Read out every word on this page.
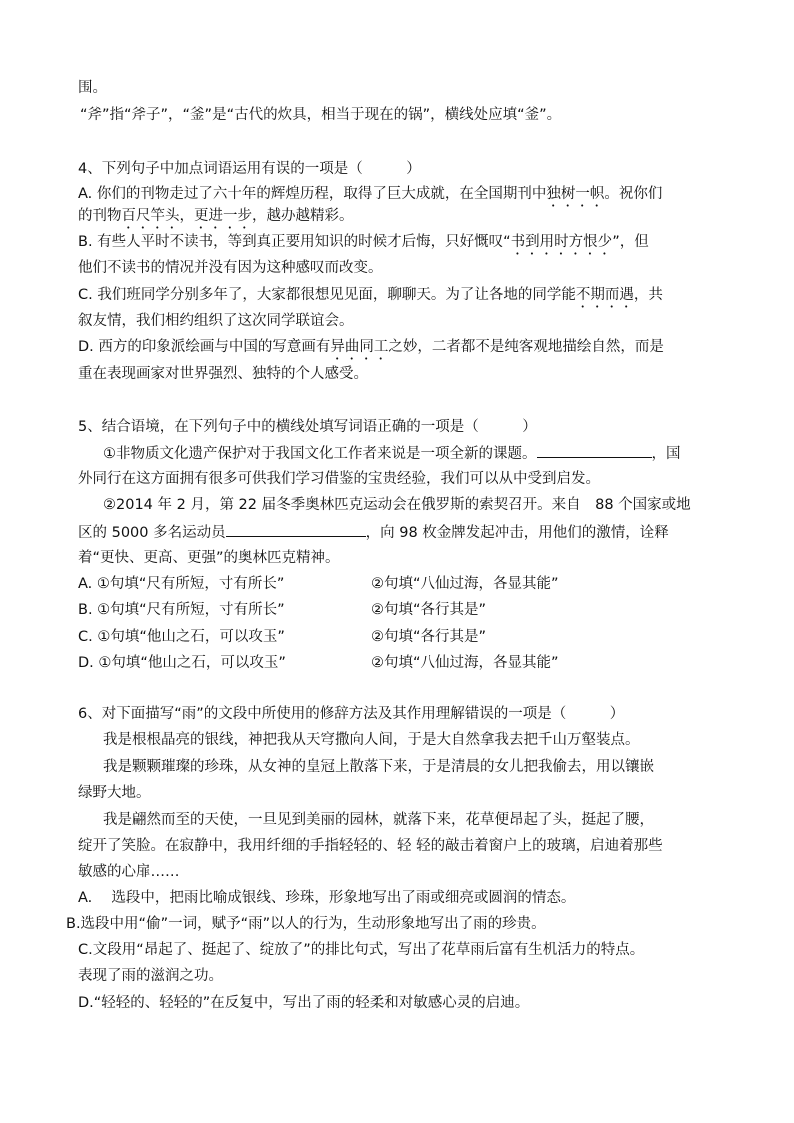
围。
“斧”指“斧子”，“釜”是“古代的炊具，相当于现在的锅”，横线处应填“釜”。
4、下列句子中加点词语运用有误的一项是（　　　）
A. 你们的刊物走过了六十年的辉煌历程，取得了巨大成就，在全国期刊中独树一帜。祝你们
的刊物百尺竿头，更进一步，越办越精彩。
B. 有些人平时不读书，等到真正要用知识的时候才后悔，只好慨叹“书到用时方恨少”，但
他们不读书的情况并没有因为这种感叹而改变。
C. 我们班同学分别多年了，大家都很想见见面，聊聊天。为了让各地的同学能不期而遇，共
叙友情，我们相约组织了这次同学联谊会。
D. 西方的印象派绘画与中国的写意画有异曲同工之妙，二者都不是纯客观地描绘自然，而是
重在表现画家对世界强烈、独特的个人感受。
5、结合语境，在下列句子中的横线处填写词语正确的一项是（　　　）
①非物质文化遗产保护对于我国文化工作者来说是一项全新的课题。	，国
外同行在这方面拥有很多可供我们学习借鉴的宝贵经验，我们可以从中受到启发。
②2014 年 2 月，第 22 届冬季奥林匹克运动会在俄罗斯的索契召开。来自　88 个国家或地
区的 5000 多名运动员	，向 98 枚金牌发起冲击，用他们的激情，诠释
着“更快、更高、更强”的奥林匹克精神。
A. ①句填“尺有所短，寸有所长”	②句填“八仙过海，各显其能”
B. ①句填“尺有所短，寸有所长”	②句填“各行其是”
C. ①句填“他山之石，可以攻玉”	②句填“各行其是”
D. ①句填“他山之石，可以攻玉”	②句填“八仙过海，各显其能”
6、对下面描写“雨”的文段中所使用的修辞方法及其作用理解错误的一项是（　　　）
我是根根晶亮的银线，神把我从天穹撒向人间，于是大自然拿我去把千山万壑装点。
我是颗颗璀璨的珍珠，从女神的皇冠上散落下来，于是清晨的女儿把我偷去，用以镶嵌
绿野大地。
我是翩然而至的天使，一旦见到美丽的园林，就落下来，花草便昂起了头，挺起了腰，
绽开了笑脸。在寂静中，我用纤细的手指轻轻的、轻 轻的敲击着窗户上的玻璃，启迪着那些
敏感的心扉……
A.　 选段中，把雨比喻成银线、珍珠，形象地写出了雨或细亮或圆润的情态。
B.选段中用“偷”一词，赋予“雨”以人的行为，生动形象地写出了雨的珍贵。
C.文段用“昂起了、挺起了、绽放了”的排比句式，写出了花草雨后富有生机活力的特点。
表现了雨的滋润之功。
D.“轻轻的、轻轻的”在反复中，写出了雨的轻柔和对敏感心灵的启迪。
